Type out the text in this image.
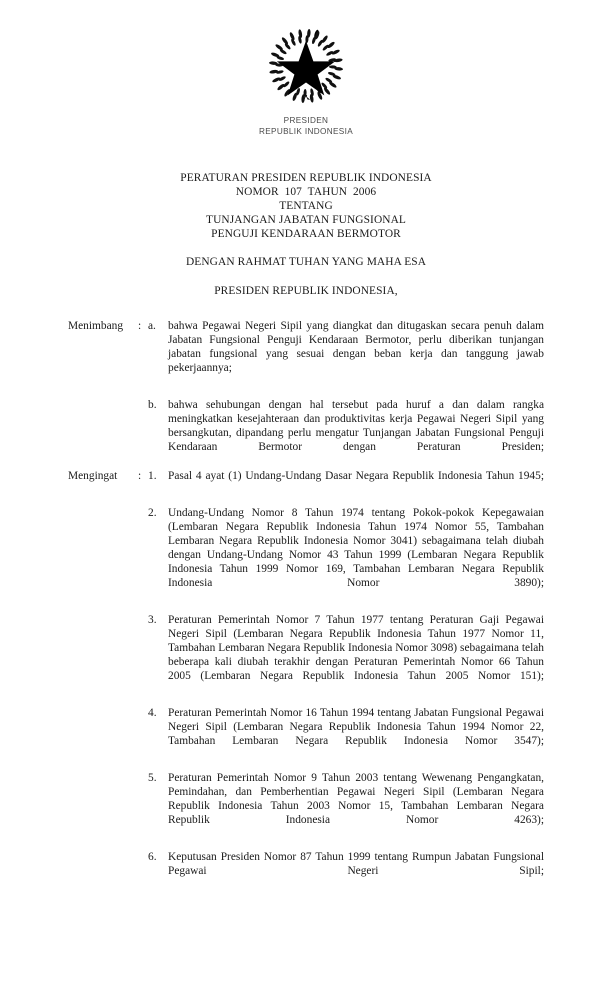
PRESIDEN
REPUBLIK INDONESIA
PERATURAN PRESIDEN REPUBLIK INDONESIA
NOMOR  107  TAHUN  2006
TENTANG
TUNJANGAN JABATAN FUNGSIONAL
PENGUJI KENDARAAN BERMOTOR
DENGAN RAHMAT TUHAN YANG MAHA ESA
PRESIDEN REPUBLIK INDONESIA,
Menimbang : a.	bahwa Pegawai Negeri Sipil yang diangkat dan ditugaskan secara penuh dalam Jabatan Fungsional Penguji Kendaraan Bermotor, perlu diberikan tunjangan jabatan fungsional yang sesuai dengan beban kerja dan tanggung jawab pekerjaannya;
b.	bahwa sehubungan dengan hal tersebut pada huruf a dan dalam rangka meningkatkan kesejahteraan dan produktivitas kerja Pegawai Negeri Sipil yang bersangkutan, dipandang perlu mengatur Tunjangan Jabatan Fungsional Penguji Kendaraan Bermotor dengan Peraturan Presiden;
Mengingat : 1.	Pasal 4 ayat (1) Undang-Undang Dasar Negara Republik Indonesia Tahun 1945;
2.	Undang-Undang Nomor 8 Tahun 1974 tentang Pokok-pokok Kepegawaian (Lembaran Negara Republik Indonesia Tahun 1974 Nomor 55, Tambahan Lembaran Negara Republik Indonesia Nomor 3041) sebagaimana telah diubah dengan Undang-Undang Nomor 43 Tahun 1999 (Lembaran Negara Republik Indonesia Tahun 1999 Nomor 169, Tambahan Lembaran Negara Republik Indonesia Nomor 3890);
3.	Peraturan Pemerintah Nomor 7 Tahun 1977 tentang Peraturan Gaji Pegawai Negeri Sipil (Lembaran Negara Republik Indonesia Tahun 1977 Nomor 11, Tambahan Lembaran Negara Republik Indonesia Nomor 3098) sebagaimana telah beberapa kali diubah terakhir dengan Peraturan Pemerintah Nomor 66 Tahun 2005 (Lembaran Negara Republik Indonesia Tahun 2005 Nomor 151);
4.	Peraturan Pemerintah Nomor 16 Tahun 1994 tentang Jabatan Fungsional Pegawai Negeri Sipil (Lembaran Negara Republik Indonesia Tahun 1994 Nomor 22, Tambahan Lembaran Negara Republik Indonesia Nomor 3547);
5.	Peraturan Pemerintah Nomor 9 Tahun 2003 tentang Wewenang Pengangkatan, Pemindahan, dan Pemberhentian Pegawai Negeri Sipil (Lembaran Negara Republik Indonesia Tahun 2003 Nomor 15, Tambahan Lembaran Negara Republik Indonesia Nomor 4263);
6.	Keputusan Presiden Nomor 87 Tahun 1999 tentang Rumpun Jabatan Fungsional Pegawai Negeri Sipil;
